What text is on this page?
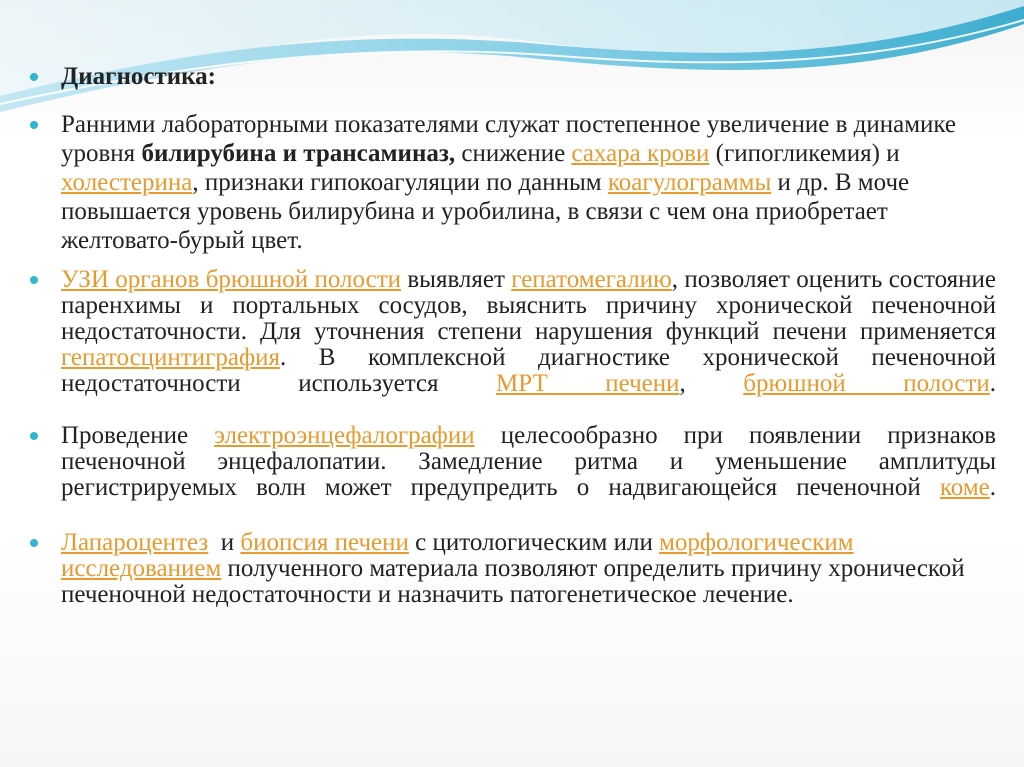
Диагностика:
Ранними лабораторными показателями служат постепенное увеличение в динамике уровня билирубина и трансаминаз, снижение сахара крови (гипогликемия) и холестерина, признаки гипокоагуляции по данным коагулограммы и др. В моче повышается уровень билирубина и уробилина, в связи с чем она приобретает желтовато-бурый цвет.
УЗИ органов брюшной полости выявляет гепатомегалию, позволяет оценить состояние паренхимы и портальных сосудов, выяснить причину хронической печеночной недостаточности. Для уточнения степени нарушения функций печени применяется гепатосцинтиграфия. В комплексной диагностике хронической печеночной недостаточности используется МРТ печени, брюшной полости.
Проведение электроэнцефалографии целесообразно при появлении признаков печеночной энцефалопатии. Замедление ритма и уменьшение амплитуды регистрируемых волн может предупредить о надвигающейся печеночной коме.
Лапароцентез  и биопсия печени с цитологическим или морфологическим исследованием полученного материала позволяют определить причину хронической печеночной недостаточности и назначить патогенетическое лечение.
